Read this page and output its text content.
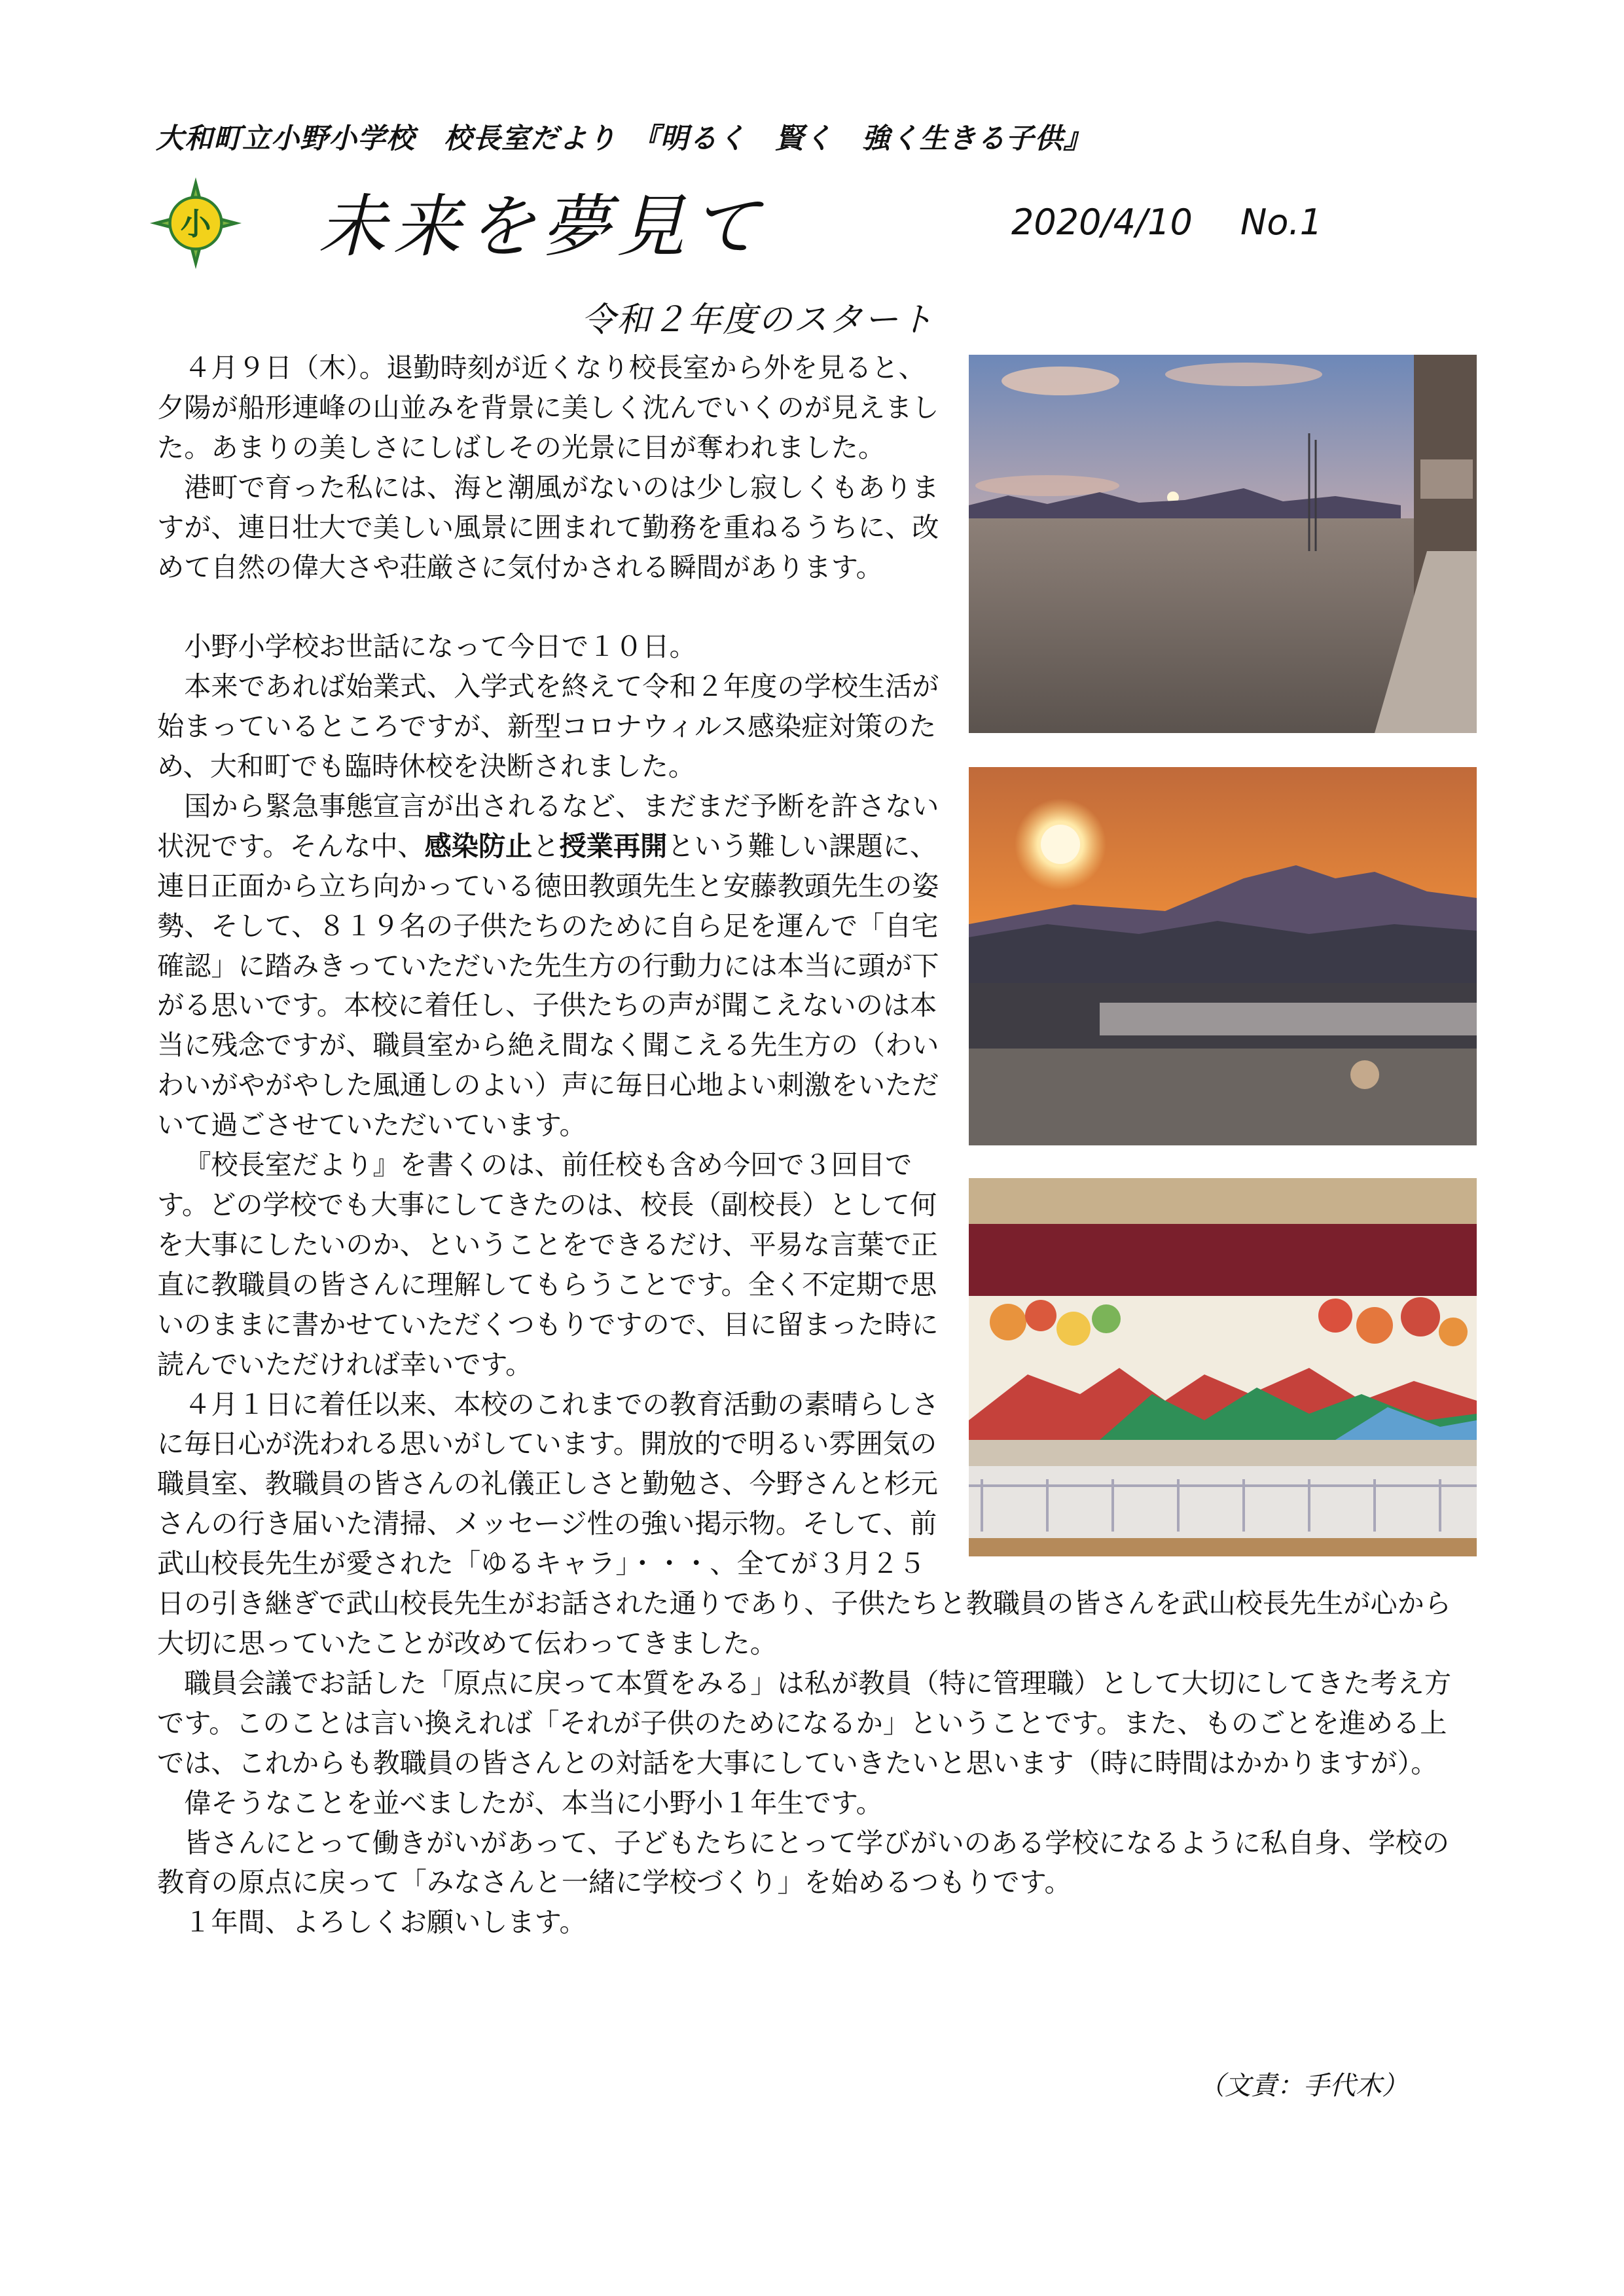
大和町立小野小学校　校長室だより　『明るく　賢く　強く生きる子供』
小 未来を夢見て	2020/4/10 No.1
令和２年度のスタート

４月９日（木）。退勤時刻が近くなり校長室から外を見ると、夕陽が船形連峰の山並みを背景に美しく沈んでいくのが見えました。あまりの美しさにしばしその光景に目が奪われました。

港町で育った私には、海と潮風がないのは少し寂しくもありますが、連日壮大で美しい風景に囲まれて勤務を重ねるうちに、改めて自然の偉大さや荘厳さに気付かされる瞬間があります。

小野小学校お世話になって今日で１０日。

本来であれば始業式、入学式を終えて令和２年度の学校生活が始まっているところですが、新型コロナウィルス感染症対策のため、大和町でも臨時休校を決断されました。

国から緊急事態宣言が出されるなど、まだまだ予断を許さない状況です。そんな中、感染防止と授業再開という難しい課題に、連日正面から立ち向かっている徳田教頭先生と安藤教頭先生の姿勢、そして、８１９名の子供たちのために自ら足を運んで「自宅確認」に踏みきっていただいた先生方の行動力には本当に頭が下がる思いです。本校に着任し、子供たちの声が聞こえないのは本当に残念ですが、職員室から絶え間なく聞こえる先生方の（わいわいがやがやした風通しのよい）声に毎日心地よい刺激をいただいて過ごさせていただいています。

『校長室だより』を書くのは、前任校も含め今回で３回目です。どの学校でも大事にしてきたのは、校長（副校長）として何を大事にしたいのか、ということをできるだけ、平易な言葉で正直に教職員の皆さんに理解してもらうことです。全く不定期で思いのままに書かせていただくつもりですので、目に留まった時に読んでいただければ幸いです。

４月１日に着任以来、本校のこれまでの教育活動の素晴らしさに毎日心が洗われる思いがしています。開放的で明るい雰囲気の職員室、教職員の皆さんの礼儀正しさと勤勉さ、今野さんと杉元さんの行き届いた清掃、メッセージ性の強い掲示物。そして、前武山校長先生が愛された「ゆるキャラ」・・・、全てが３月２５日の引き継ぎで武山校長先生がお話された通りであり、子供たちと教職員の皆さんを武山校長先生が心から大切に思っていたことが改めて伝わってきました。

職員会議でお話した「原点に戻って本質をみる」は私が教員（特に管理職）として大切にしてきた考え方です。このことは言い換えれば「それが子供のためになるか」ということです。また、ものごとを進める上では、これからも教職員の皆さんとの対話を大事にしていきたいと思います（時に時間はかかりますが）。

偉そうなことを並べましたが、本当に小野小１年生です。

皆さんにとって働きがいがあって、子どもたちにとって学びがいのある学校になるように私自身、学校の教育の原点に戻って「みなさんと一緒に学校づくり」を始めるつもりです。

１年間、よろしくお願いします。

（文責：手代木）
